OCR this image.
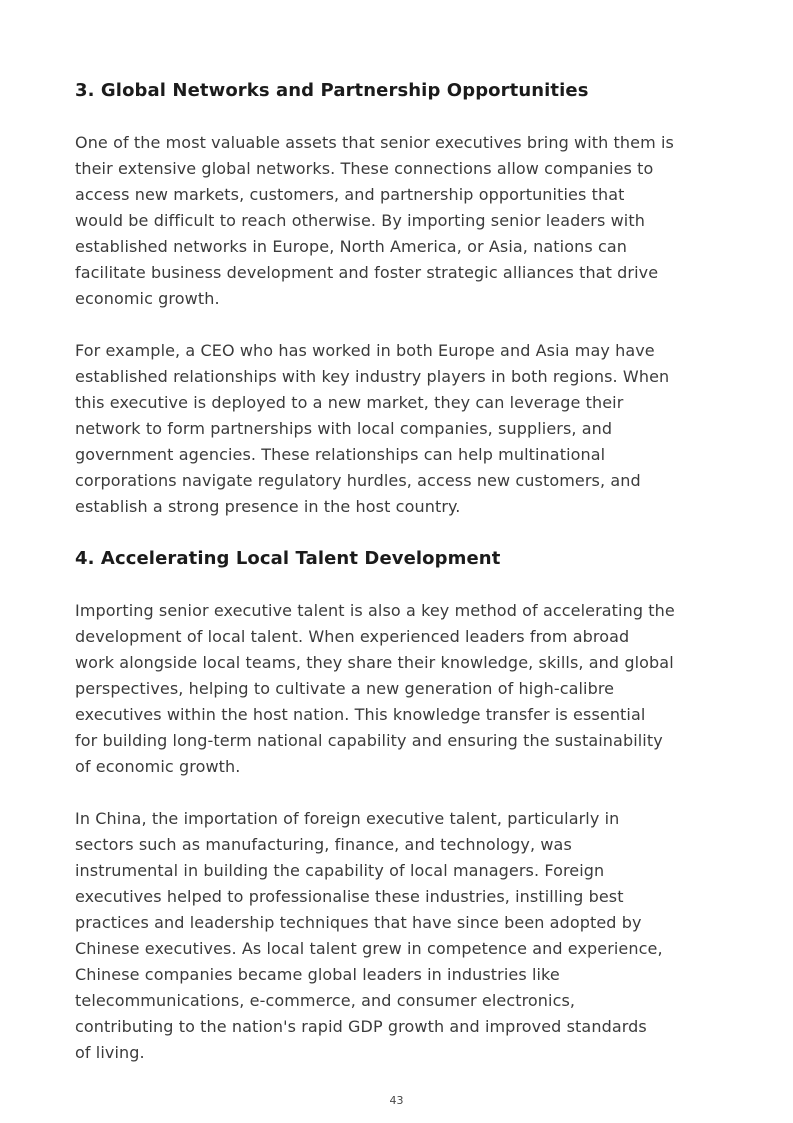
3. Global Networks and Partnership Opportunities
One of the most valuable assets that senior executives bring with them is
their extensive global networks. These connections allow companies to
access new markets, customers, and partnership opportunities that
would be difficult to reach otherwise. By importing senior leaders with
established networks in Europe, North America, or Asia, nations can
facilitate business development and foster strategic alliances that drive
economic growth.
For example, a CEO who has worked in both Europe and Asia may have
established relationships with key industry players in both regions. When
this executive is deployed to a new market, they can leverage their
network to form partnerships with local companies, suppliers, and
government agencies. These relationships can help multinational
corporations navigate regulatory hurdles, access new customers, and
establish a strong presence in the host country.
4. Accelerating Local Talent Development
Importing senior executive talent is also a key method of accelerating the
development of local talent. When experienced leaders from abroad
work alongside local teams, they share their knowledge, skills, and global
perspectives, helping to cultivate a new generation of high-calibre
executives within the host nation. This knowledge transfer is essential
for building long-term national capability and ensuring the sustainability
of economic growth.
In China, the importation of foreign executive talent, particularly in
sectors such as manufacturing, finance, and technology, was
instrumental in building the capability of local managers. Foreign
executives helped to professionalise these industries, instilling best
practices and leadership techniques that have since been adopted by
Chinese executives. As local talent grew in competence and experience,
Chinese companies became global leaders in industries like
telecommunications, e-commerce, and consumer electronics,
contributing to the nation's rapid GDP growth and improved standards
of living.
43
